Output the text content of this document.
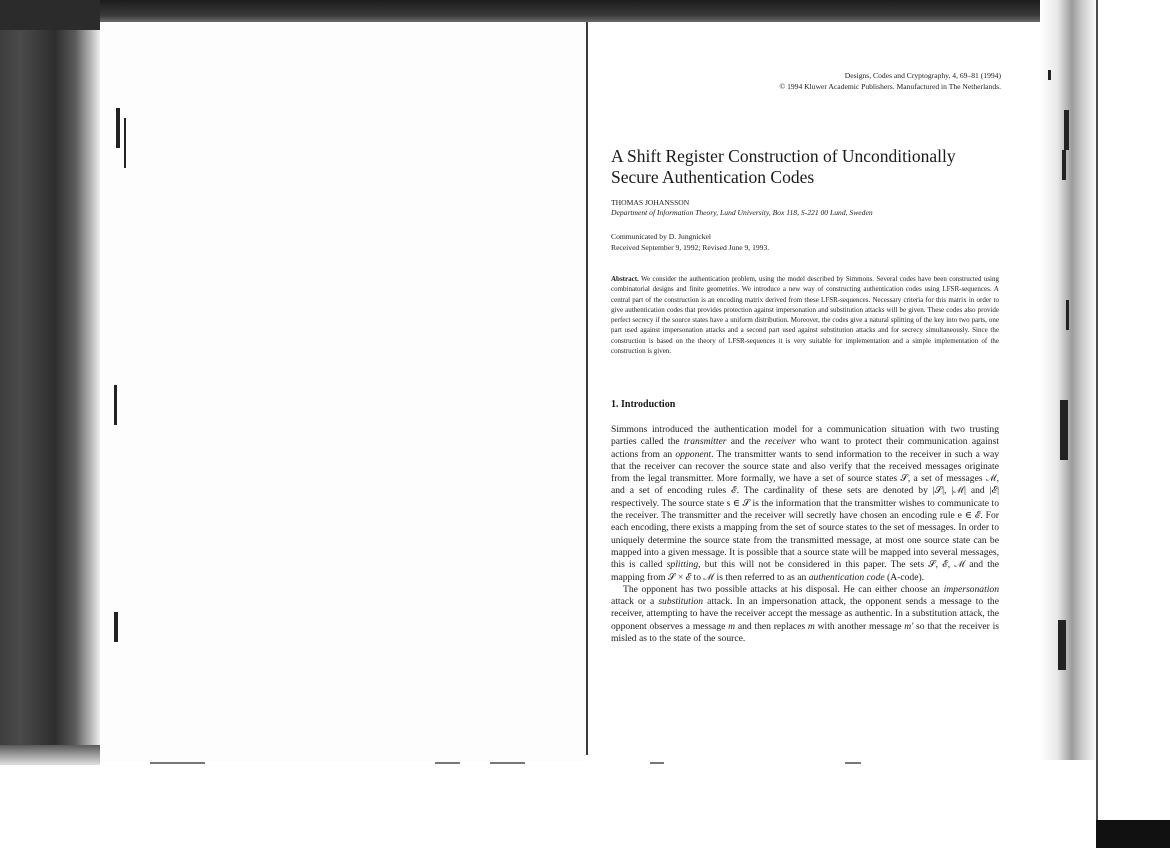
Designs, Codes and Cryptography, 4, 69–81 (1994)
© 1994 Kluwer Academic Publishers. Manufactured in The Netherlands.
A Shift Register Construction of Unconditionally
Secure Authentication Codes
THOMAS JOHANSSON
Department of Information Theory, Lund University, Box 118, S-221 00 Lund, Sweden
Communicated by D. Jungnickel
Received September 9, 1992; Revised June 9, 1993.
Abstract. We consider the authentication problem, using the model described by Simmons. Several codes have been constructed using combinatorial designs and finite geometries. We introduce a new way of constructing authentication codes using LFSR-sequences. A central part of the construction is an encoding matrix derived from these LFSR-sequences. Necessary criteria for this matrix in order to give authentication codes that provides protection against impersonation and substitution attacks will be given. These codes also provide perfect secrecy if the source states have a uniform distribution. Moreover, the codes give a natural splitting of the key into two parts, one part used against impersonation attacks and a second part used against substitution attacks and for secrecy simultaneously. Since the construction is based on the theory of LFSR-sequences it is very suitable for implementation and a simple implementation of the construction is given.
1. Introduction

Simmons introduced the authentication model for a communication situation with two trusting parties called the transmitter and the receiver who want to protect their communication against actions from an opponent. The transmitter wants to send information to the receiver in such a way that the receiver can recover the source state and also verify that the received messages originate from the legal transmitter. More formally, we have a set of source states 𝒮, a set of messages ℳ, and a set of encoding rules ℰ. The cardinality of these sets are denoted by |𝒮|, |ℳ| and |ℰ| respectively. The source state s ∈ 𝒮 is the information that the transmitter wishes to communicate to the receiver. The transmitter and the receiver will secretly have chosen an encoding rule e ∈ ℰ. For each encoding, there exists a mapping from the set of source states to the set of messages. In order to uniquely determine the source state from the transmitted message, at most one source state can be mapped into a given message. It is possible that a source state will be mapped into several messages, this is called splitting, but this will not be considered in this paper. The sets 𝒮, ℰ, ℳ and the mapping from 𝒮 × ℰ to ℳ is then referred to as an authentication code (A-code).

The opponent has two possible attacks at his disposal. He can either choose an impersonation attack or a substitution attack. In an impersonation attack, the opponent sends a message to the receiver, attempting to have the receiver accept the message as authentic. In a substitution attack, the opponent observes a message m and then replaces m with another message m' so that the receiver is misled as to the state of the source.
